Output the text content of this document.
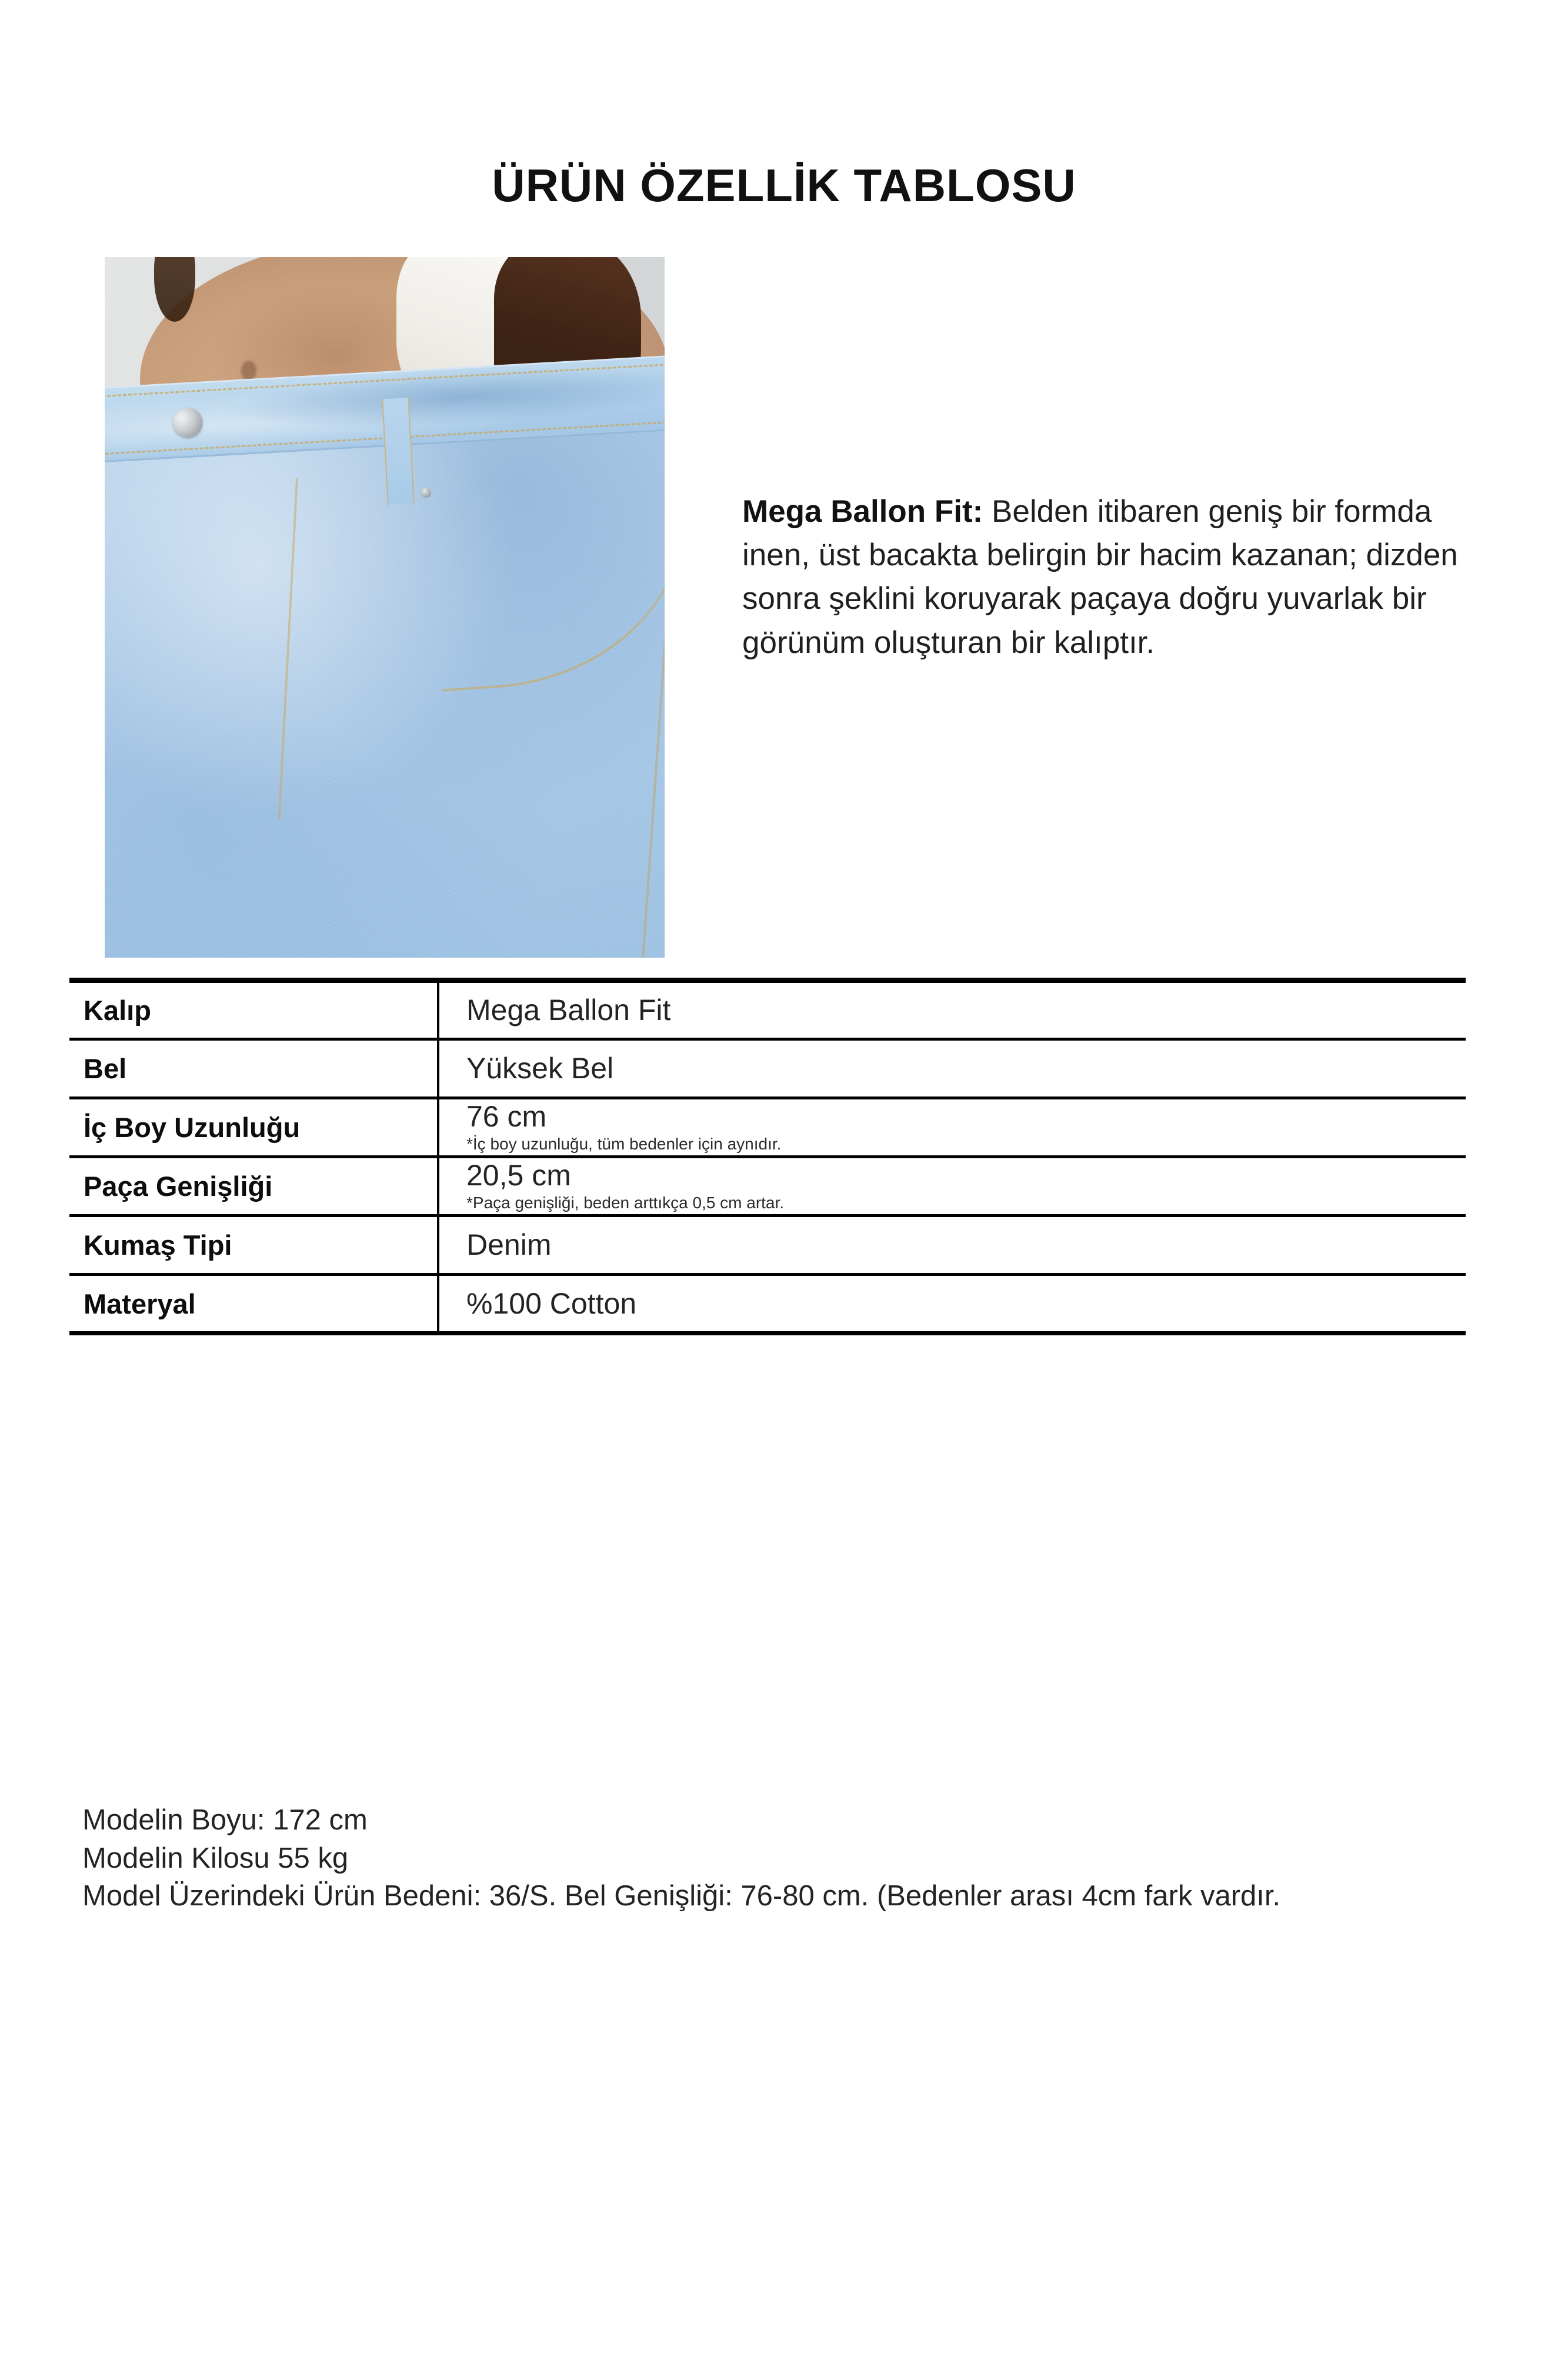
ÜRÜN ÖZELLİK TABLOSU

Mega Ballon Fit: Belden itibaren geniş bir formda inen, üst bacakta belirgin bir hacim kazanan; dizden sonra şeklini koruyarak paçaya doğru yuvarlak bir görünüm oluşturan bir kalıptır.

Kalıp	Mega Ballon Fit

Bel	Yüksek Bel

İç Boy Uzunluğu	76 cm
*İç boy uzunluğu, tüm bedenler için aynıdır.

Paça Genişliği	20,5 cm
*Paça genişliği, beden arttıkça 0,5 cm artar.

Kumaş Tipi	Denim

Materyal	%100 Cotton
Modelin Boyu: 172 cm
Modelin Kilosu 55 kg
Model Üzerindeki Ürün Bedeni: 36/S. Bel Genişliği: 76-80 cm. (Bedenler arası 4cm fark vardır.
